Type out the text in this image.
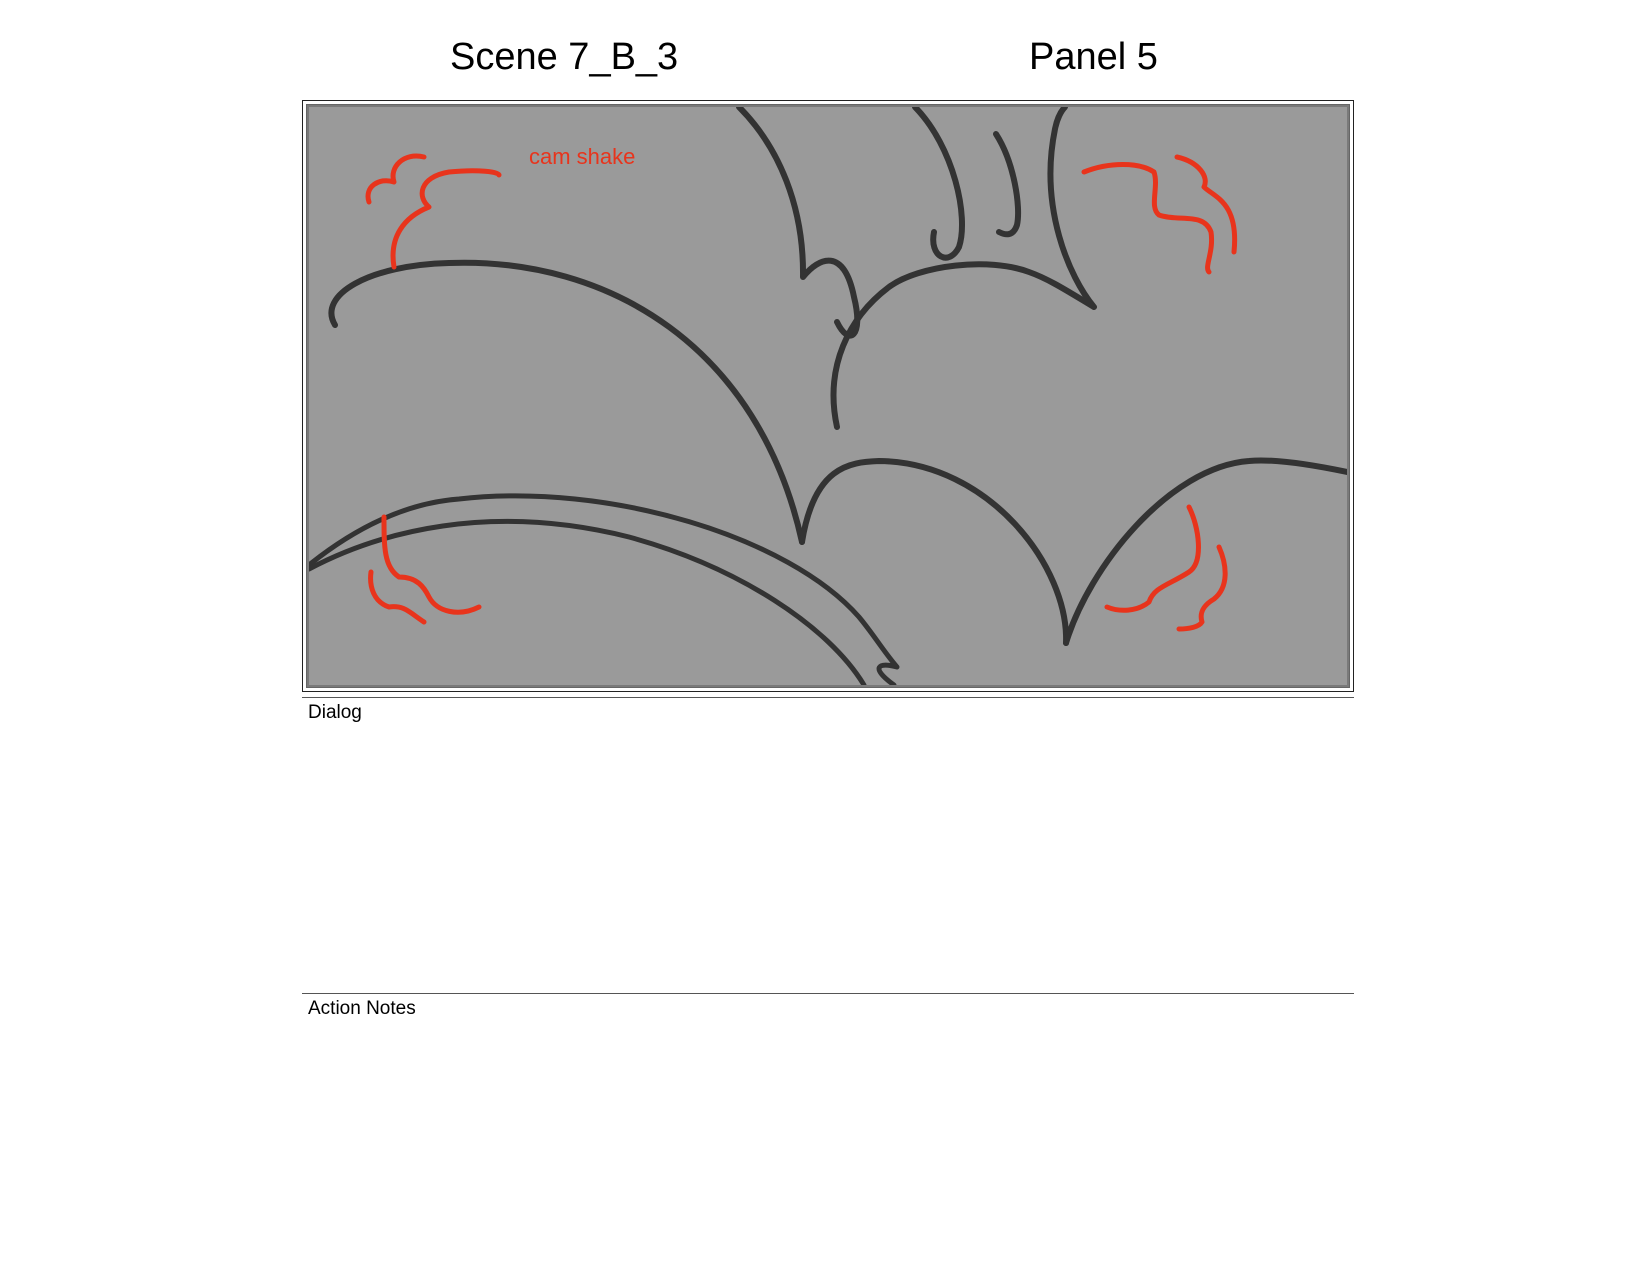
Scene 7_B_3	Panel 5
cam shake
Dialog
Action Notes
